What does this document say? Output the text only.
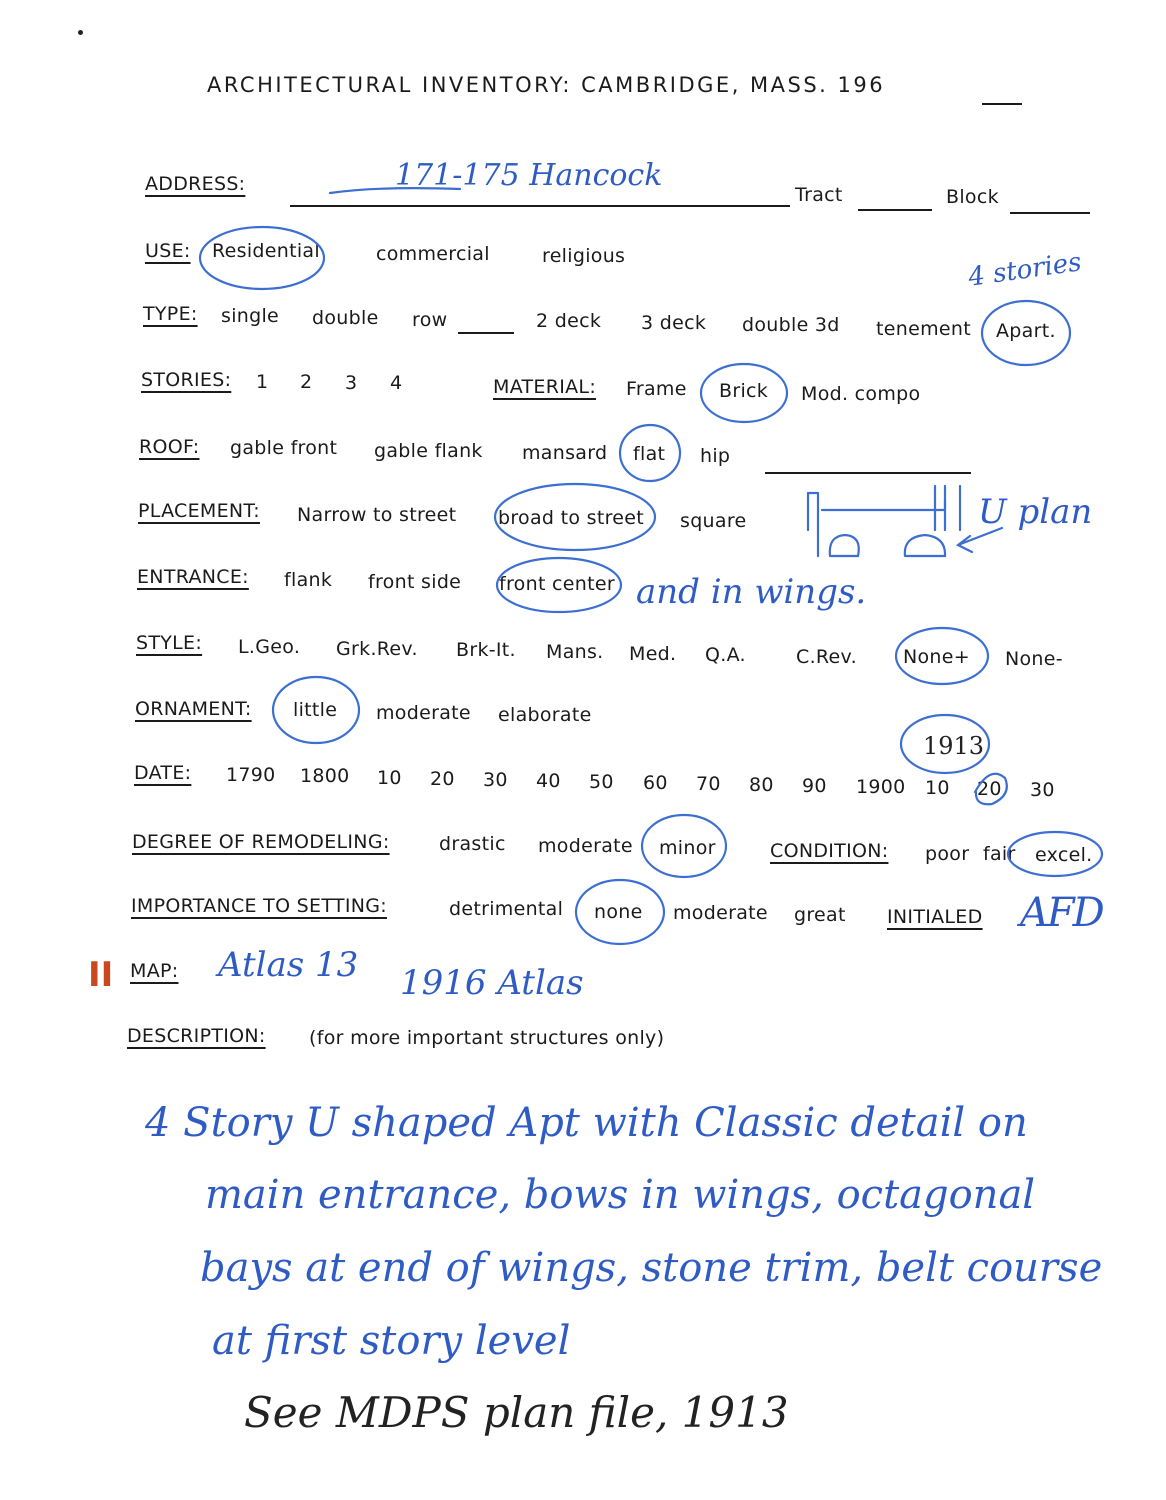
ARCHITECTURAL INVENTORY: CAMBRIDGE, MASS. 196
ADDRESS:	171-175 Hancock
Tract	Block
USE: Residential	commercial	religious
TYPE: single double row	2 deck 3 deck double 3d tenement Apart.
4 stories
STORIES: 1 2 3 4	MATERIAL: Frame Brick Mod. compo
ROOF: gable front gable flank mansard flat hip
PLACEMENT: Narrow to street broad to street square	U plan
ENTRANCE: flank front side front center and in wings.
STYLE: L.Geo. Grk.Rev. Brk-It. Mans. Med. Q.A.	C.Rev. None+ None-
ORNAMENT: little moderate elaborate
DATE: 1790 1800 10 20 30 40 50 60 70 80 90 1900 10 20 30
1913
DEGREE OF REMODELING:	drastic moderate minor	CONDITION: poor fair excel.
IMPORTANCE TO SETTING:	detrimental none moderate great INITIALED AFD
II MAP: Atlas 13 1916 Atlas
DESCRIPTION: (for more important structures only)
4 Story U shaped Apt with Classic detail on
main entrance, bows in wings, octagonal
bays at end of wings, stone trim, belt course
at first story level
See MDPS plan file, 1913
